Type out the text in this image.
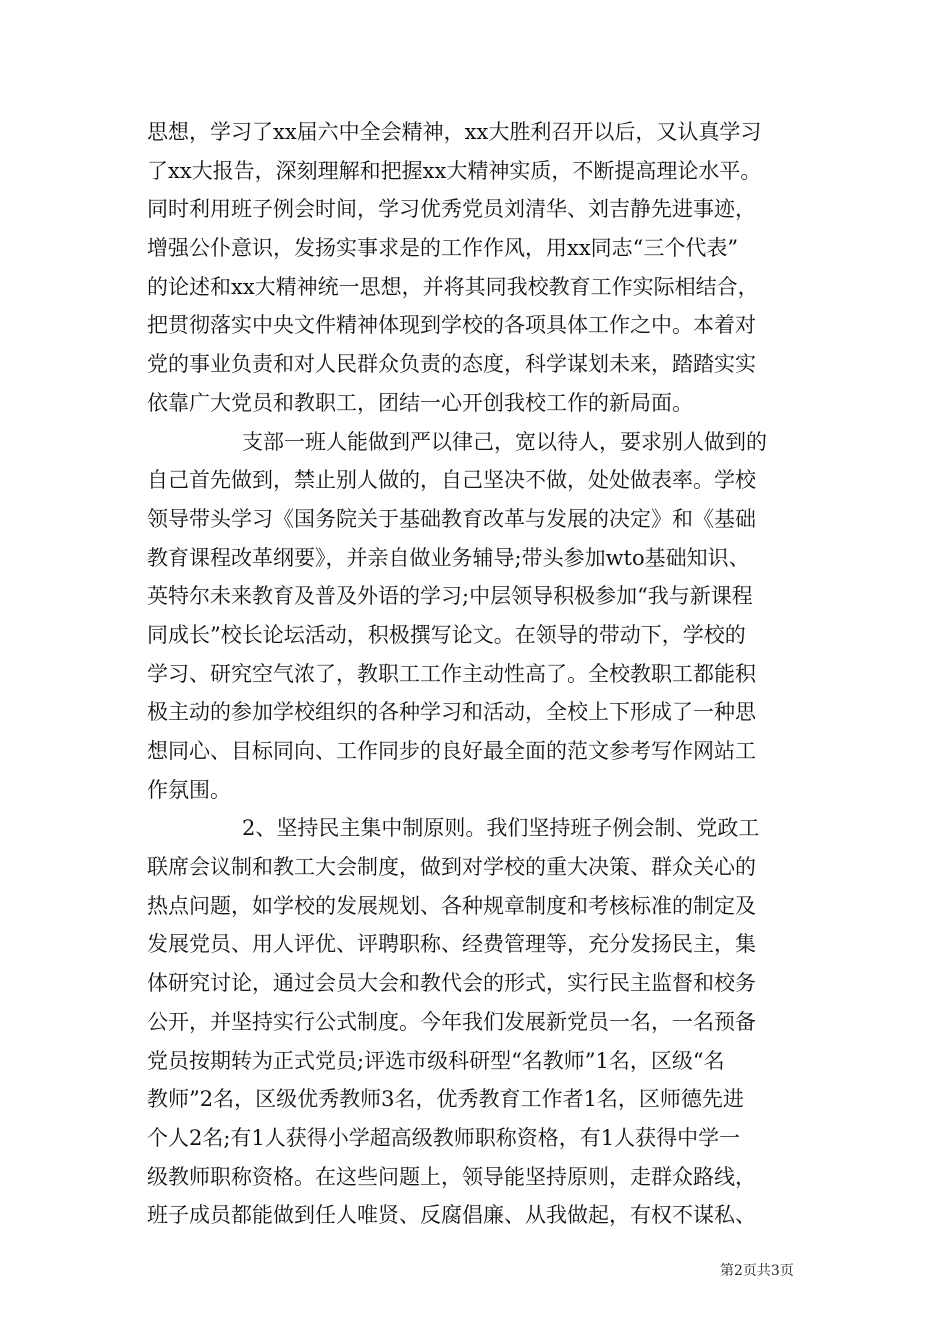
思想，学习了xx届六中全会精神，xx大胜利召开以后，又认真学习
了xx大报告，深刻理解和把握xx大精神实质，不断提高理论水平。
同时利用班子例会时间，学习优秀党员刘清华、刘吉静先进事迹，
增强公仆意识，发扬实事求是的工作作风，用xx同志“三个代表”
的论述和xx大精神统一思想，并将其同我校教育工作实际相结合，
把贯彻落实中央文件精神体现到学校的各项具体工作之中。本着对
党的事业负责和对人民群众负责的态度，科学谋划未来，踏踏实实
依靠广大党员和教职工，团结一心开创我校工作的新局面。
支部一班人能做到严以律己，宽以待人，要求别人做到的
自己首先做到，禁止别人做的，自己坚决不做，处处做表率。学校
领导带头学习《国务院关于基础教育改革与发展的决定》和《基础
教育课程改革纲要》，并亲自做业务辅导;带头参加wto基础知识、
英特尔未来教育及普及外语的学习;中层领导积极参加“我与新课程
同成长”校长论坛活动，积极撰写论文。在领导的带动下，学校的
学习、研究空气浓了，教职工工作主动性高了。全校教职工都能积
极主动的参加学校组织的各种学习和活动，全校上下形成了一种思
想同心、目标同向、工作同步的良好最全面的范文参考写作网站工
作氛围。
2、坚持民主集中制原则。我们坚持班子例会制、党政工
联席会议制和教工大会制度，做到对学校的重大决策、群众关心的
热点问题，如学校的发展规划、各种规章制度和考核标准的制定及
发展党员、用人评优、评聘职称、经费管理等，充分发扬民主，集
体研究讨论，通过会员大会和教代会的形式，实行民主监督和校务
公开，并坚持实行公式制度。今年我们发展新党员一名，一名预备
党员按期转为正式党员;评选市级科研型“名教师”1名，区级“名
教师”2名，区级优秀教师3名，优秀教育工作者1名，区师德先进
个人2名;有1人获得小学超高级教师职称资格，有1人获得中学一
级教师职称资格。在这些问题上，领导能坚持原则，走群众路线，
班子成员都能做到任人唯贤、反腐倡廉、从我做起，有权不谋私、
第2页共3页
